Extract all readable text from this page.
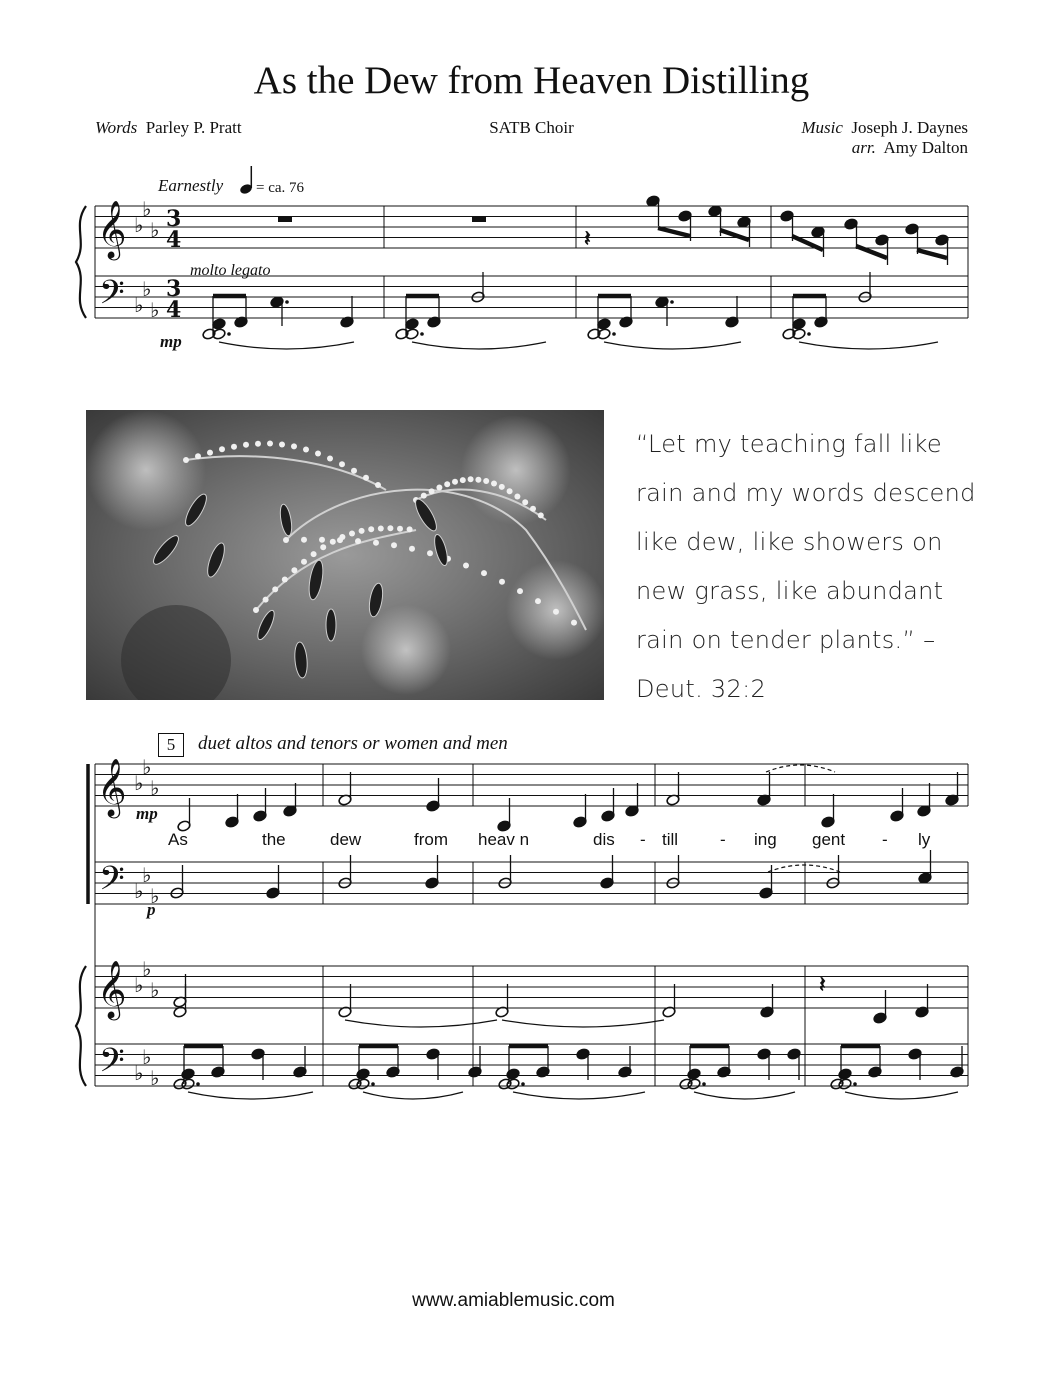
As the Dew from Heaven Distilling
Words Parley P. Pratt	SATB Choir	Music Joseph J. Daynes
arr. Amy Dalton
Earnestly = ca. 76
molto legato
mp
𝄞
𝄢
♭
♭
♭
♭
♭
♭
3
4
3
4
𝄽
𝄞 ♭
♭
♭
𝄞 ♭
♭
♭
𝄢 ♭
♭
♭
𝄢 ♭
♭
♭
𝄽
“Let my teaching fall like
rain and my words descend
like dew, like showers on
new grass, like abundant
rain on tender plants.” –
Deut. 32:2
5	duet altos and tenors or women and men
mp
p
As	the	dew	from heav n	dis - till - ing gent - ly
www.amiablemusic.com
